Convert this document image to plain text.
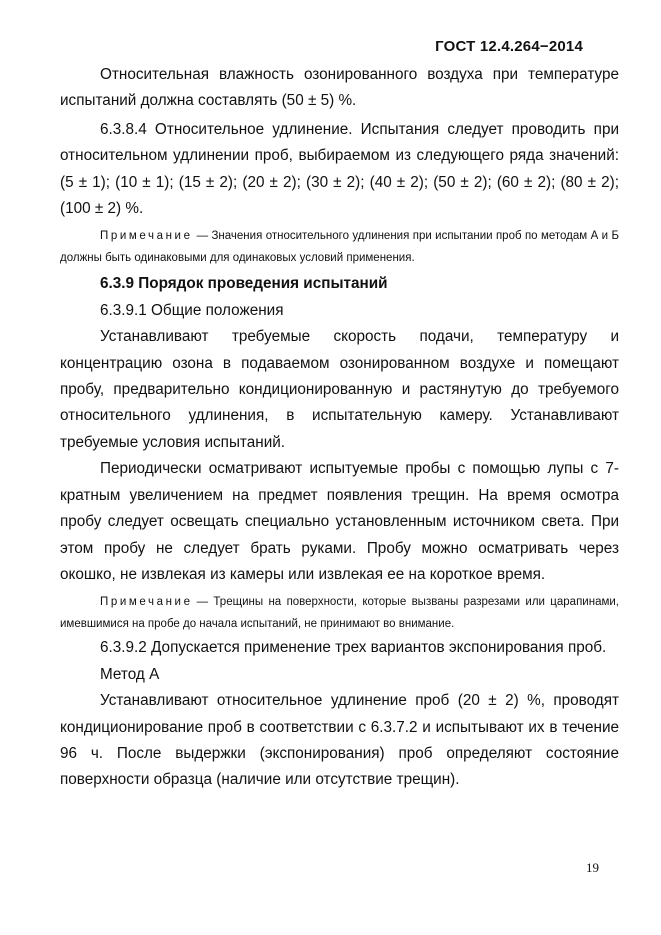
ГОСТ 12.4.264−2014

Относительная влажность озонированного воздуха при температуре испытаний должна составлять (50 ± 5) %.

6.3.8.4 Относительное удлинение. Испытания следует проводить при относительном удлинении проб, выбираемом из следующего ряда значений: (5 ± 1); (10 ± 1); (15 ± 2); (20 ± 2); (30 ± 2); (40 ± 2); (50 ± 2); (60 ± 2); (80 ± 2); (100 ± 2) %.

Примечание — Значения относительного удлинения при испытании проб по методам А и Б должны быть одинаковыми для одинаковых условий применения.

6.3.9 Порядок проведения испытаний

6.3.9.1 Общие положения

Устанавливают требуемые скорость подачи, температуру и концентрацию озона в подаваемом озонированном воздухе и помещают пробу, предварительно кондиционированную и растянутую до требуемого относительного удлинения, в испытательную камеру. Устанавливают требуемые условия испытаний.

Периодически осматривают испытуемые пробы с помощью лупы с 7-кратным увеличением на предмет появления трещин. На время осмотра пробу следует освещать специально установленным источником света. При этом пробу не следует брать руками. Пробу можно осматривать через окошко, не извлекая из камеры или извлекая ее на короткое время.

Примечание — Трещины на поверхности, которые вызваны разрезами или царапинами, имевшимися на пробе до начала испытаний, не принимают во внимание.

6.3.9.2 Допускается применение трех вариантов экспонирования проб.

Метод А

Устанавливают относительное удлинение проб (20 ± 2) %, проводят кондиционирование проб в соответствии с 6.3.7.2 и испытывают их в течение 96 ч. После выдержки (экспонирования) проб определяют состояние поверхности образца (наличие или отсутствие трещин).

19
